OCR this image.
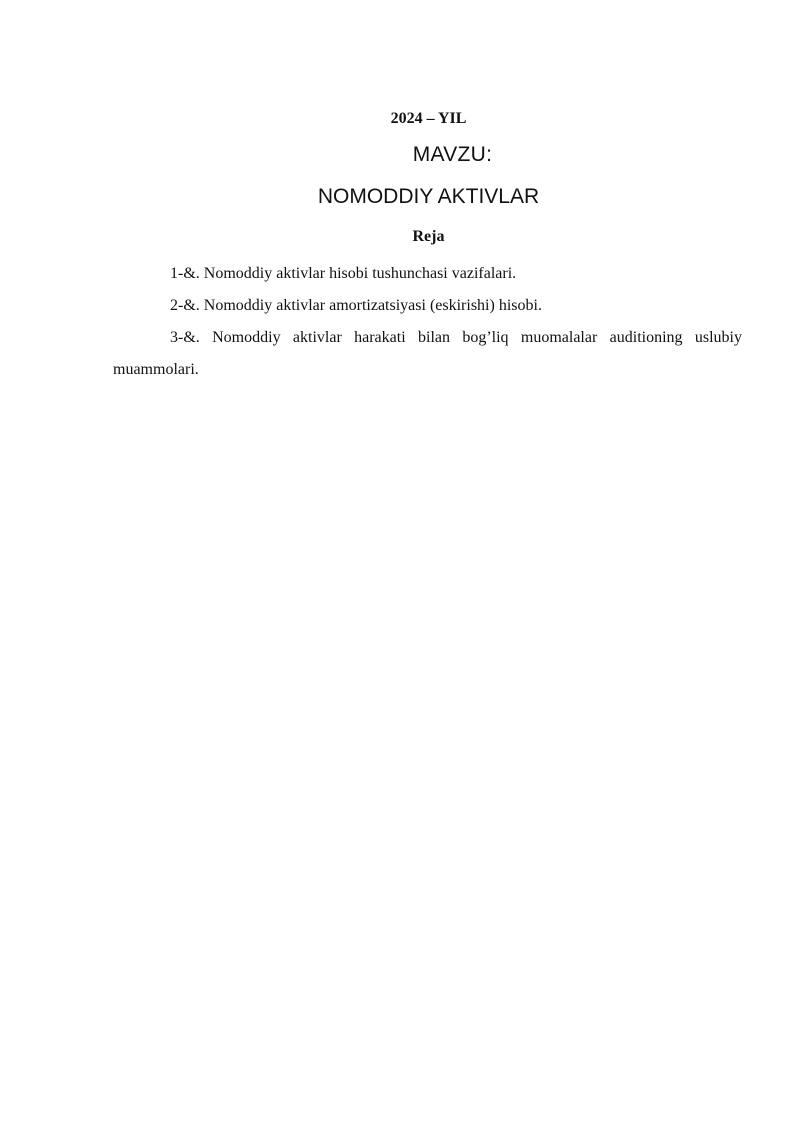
2024 – YIL
MAVZU:
NOMODDIY AKTIVLAR
Reja

1-&. Nomoddiy aktivlar hisobi tushunchasi vazifalari.

2-&. Nomoddiy aktivlar amortizatsiyasi (eskirishi) hisobi.

3-&. Nomoddiy aktivlar harakati bilan bog’liq muomalalar auditioning uslubiy muammolari.
